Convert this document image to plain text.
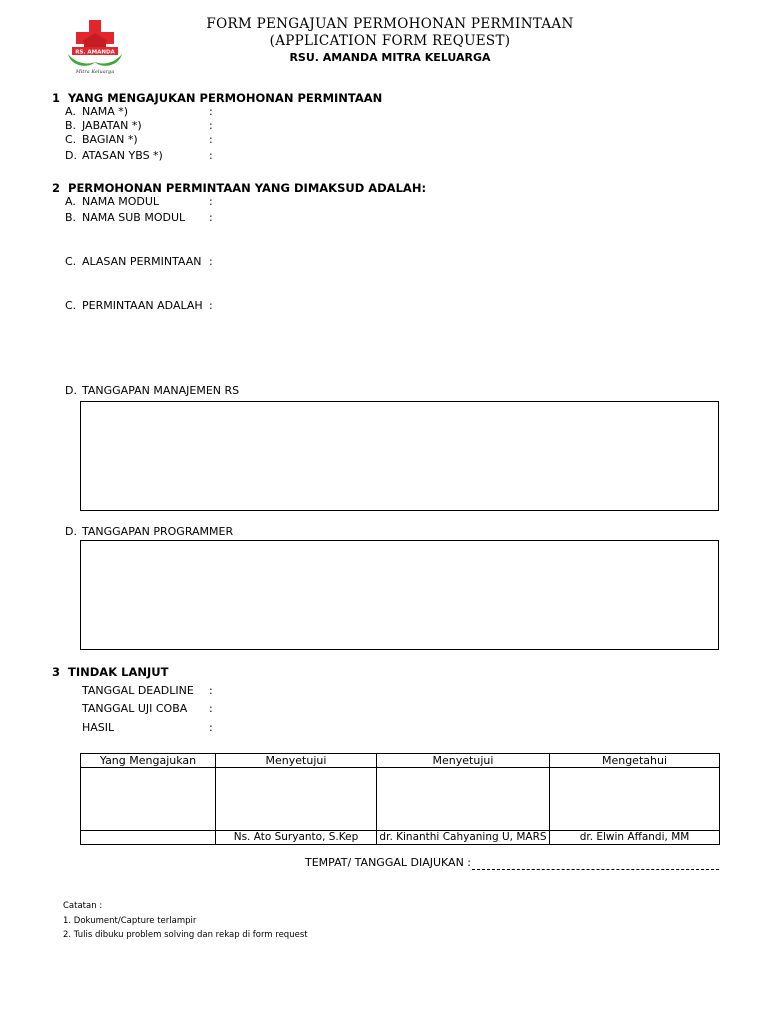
RS. AMANDA
Mitra Keluarga
FORM PENGAJUAN PERMOHONAN PERMINTAAN
(APPLICATION FORM REQUEST)
RSU. AMANDA MITRA KELUARGA
1 YANG MENGAJUKAN PERMOHONAN PERMINTAAN
A. NAMA *)	:
B. JABATAN *)	:
C. BAGIAN *)	:
D. ATASAN YBS *)	:
2 PERMOHONAN PERMINTAAN YANG DIMAKSUD ADALAH:
A. NAMA MODUL	:
B. NAMA SUB MODUL :
C. ALASAN PERMINTAAN :
C. PERMINTAAN ADALAH :
D. TANGGAPAN MANAJEMEN RS
D. TANGGAPAN PROGRAMMER
3 TINDAK LANJUT
TANGGAL DEADLINE :
TANGGAL UJI COBA :
HASIL	:
Yang Mengajukan	Menyetujui	Menyetujui	Mengetahui

	Ns. Ato Suryanto, S.Kep	dr. Kinanthi Cahyaning U, MARS	dr. Elwin Affandi, MM
TEMPAT/ TANGGAL DIAJUKAN :
Catatan :
1. Dokument/Capture terlampir
2. Tulis dibuku problem solving dan rekap di form request
